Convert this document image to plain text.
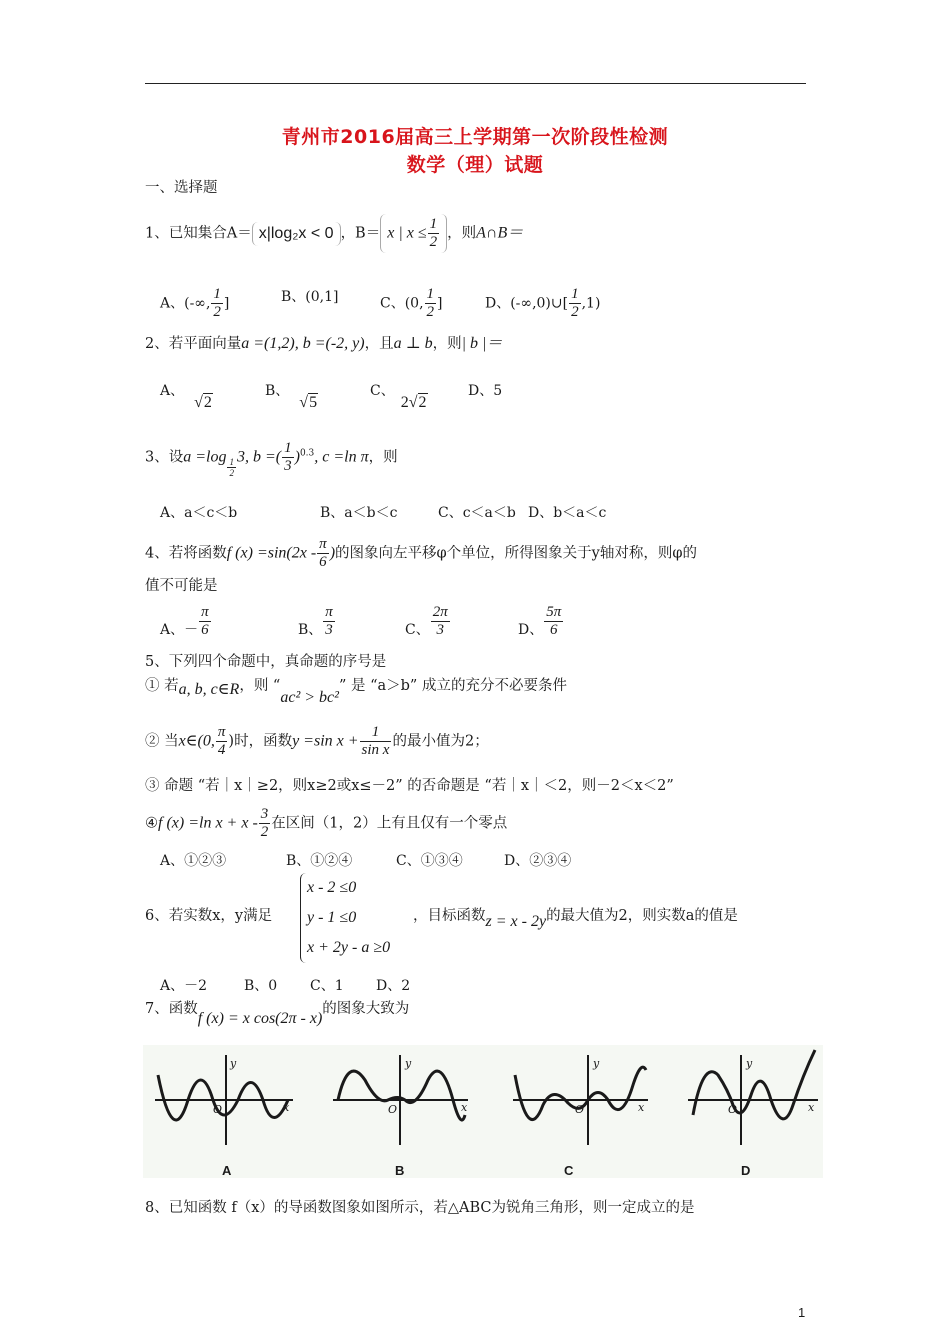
青州市2016届高三上学期第一次阶段性检测
数学（理）试题
一、选择题
1、已知集合A＝ x|log₂x < 0 ，B＝ x | $x \le \frac{1}{2}$ ，则A∩B＝
A、(-∞, $\frac{1}{2}$ ]	B、(0,1]	C、(0, $\frac{1}{2}$ ]	D、(-∞,0)∪[ $\frac{1}{2} ,1$)
2、若平面向量a =(1,2), b =(-2, y)，且a ⊥ b，则| b |＝
A、√2
B、√5
C、2√2
D、5
3、设$a =\log \frac{1}{2} 3$, b =( $\frac{1}{3} )^{0.3}$, c =ln π，则
A、a＜c＜b	B、a＜b＜c	C、c＜a＜b D、b＜a＜c
4、若将函数f $(x) =\sin(2x - \frac{\pi}{6}$ )的图象向左平移φ个单位，所得图象关于y轴对称，则φ的
值不可能是
A、－ $\frac{\pi}{6}$	B、 $\frac{\pi}{3}$	C、 $\frac{2\pi}{3}$	D、 $\frac{5\pi}{6}$
5、下列四个命题中，真命题的序号是
① 若a, b, c∈R，则 “ac² > bc²” 是 “a＞b” 成立的充分不必要条件
② 当x∈(0, $\frac{\pi}{4}$ )时，函数y =sin $x + \frac{1}{\text{sin x}}$ 的最小值为2；
③ 命题 “若｜x｜≥2，则x≥2或x≤－2” 的否命题是 “若｜x｜＜2，则－2＜x＜2”
④f (x) =ln $x + x - \frac{3}{2}$ 在区间（1，2）上有且仅有一个零点
A、①②③	B、①②④	C、①③④	D、②③④
6、若实数x，y满足
x - 2 ≤0
y - 1 ≤0
x + 2y - a ≥0
，目标函数z = x - 2y的最大值为2，则实数a的值是
A、－2	B、0 C、1 D、2
7、函数f (x) = x cos(2π - x)的图象大致为
y
x
y
x
y
x
y
x
O	O	O	O
A	B	C	D
8、已知函数 f（x）的导函数图象如图所示，若△ABC为锐角三角形，则一定成立的是
1
